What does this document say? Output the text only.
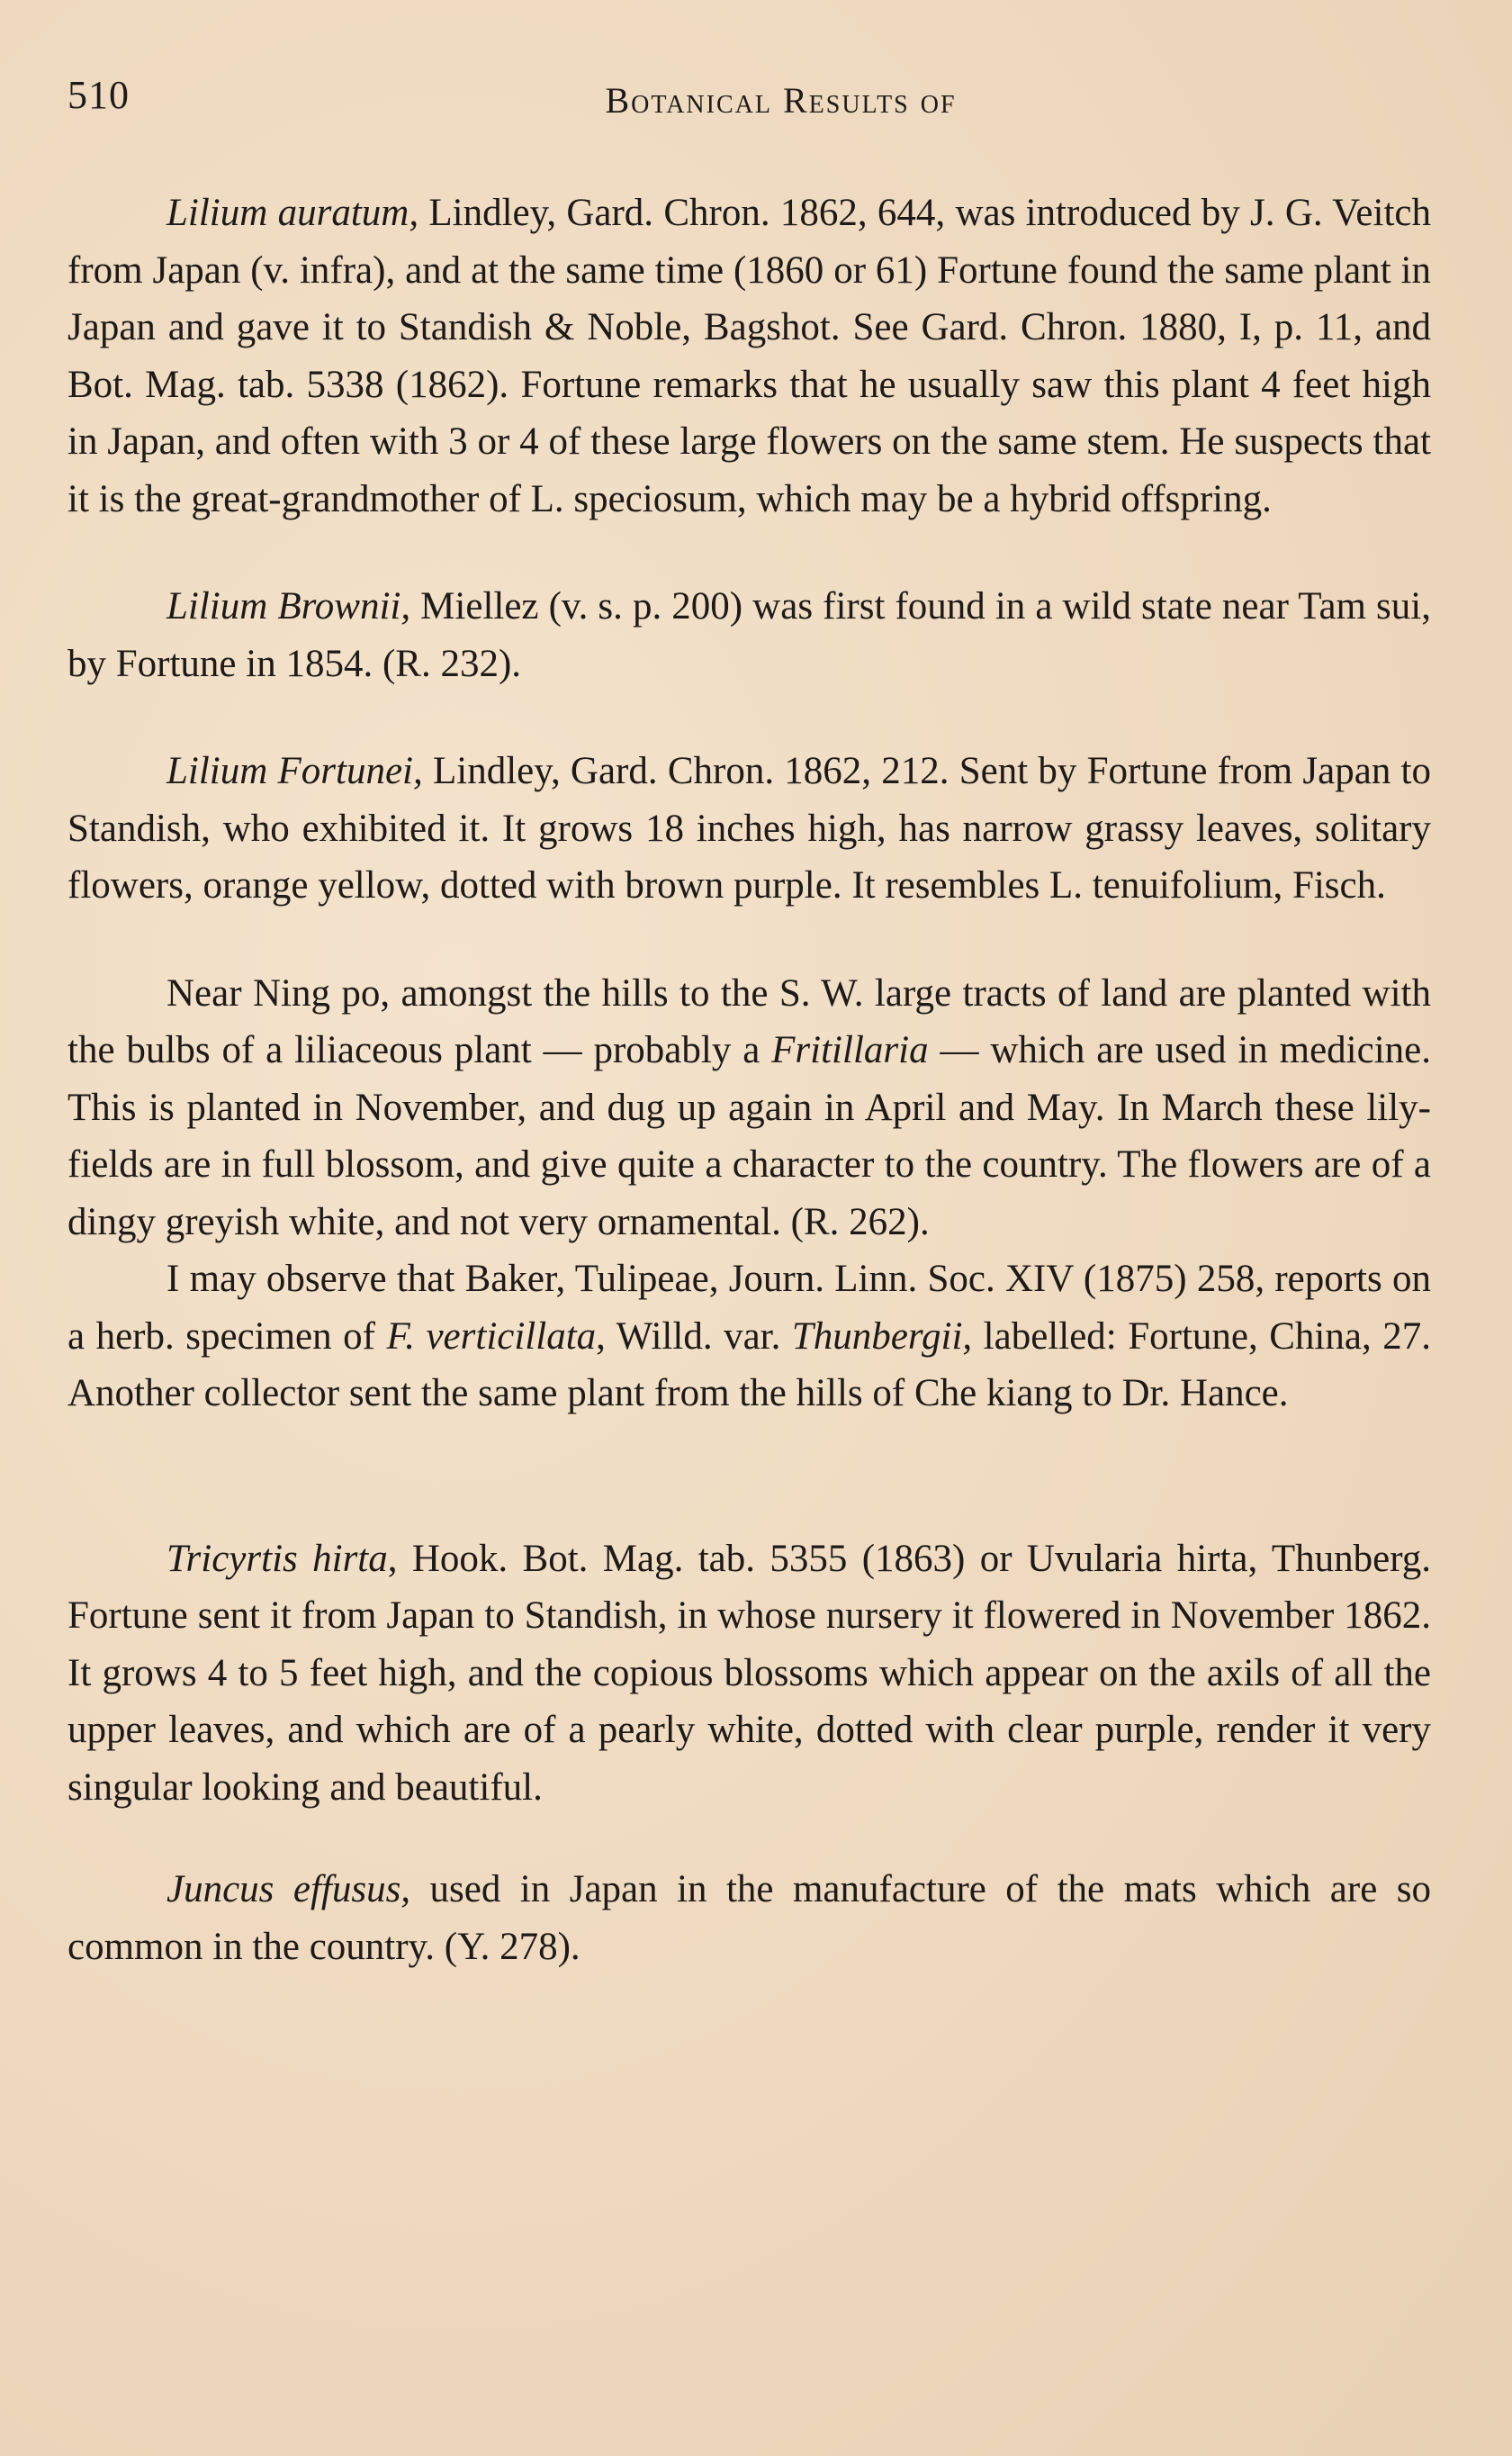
510	Botanical Results of

Lilium auratum, Lindley, Gard. Chron. 1862, 644, was introduced by J. G. Veitch from Japan (v. infra), and at the same time (1860 or 61) Fortune found the same plant in Japan and gave it to Standish & Noble, Bagshot. See Gard. Chron. 1880, I, p. 11, and Bot. Mag. tab. 5338 (1862). Fortune remarks that he usually saw this plant 4 feet high in Japan, and often with 3 or 4 of these large flowers on the same stem. He suspects that it is the great-grandmother of L. speciosum, which may be a hybrid offspring.

Lilium Brownii, Miellez (v. s. p. 200) was first found in a wild state near Tam sui, by Fortune in 1854. (R. 232).

Lilium Fortunei, Lindley, Gard. Chron. 1862, 212. Sent by Fortune from Japan to Standish, who exhibited it. It grows 18 inches high, has narrow grassy leaves, solitary flowers, orange yellow, dotted with brown purple. It resembles L. tenuifolium, Fisch.

Near Ning po, amongst the hills to the S. W. large tracts of land are planted with the bulbs of a liliaceous plant — probably a Fritillaria — which are used in medicine. This is planted in November, and dug up again in April and May. In March these lily-fields are in full blossom, and give quite a character to the country. The flowers are of a dingy greyish white, and not very ornamental. (R. 262).

I may observe that Baker, Tulipeae, Journ. Linn. Soc. XIV (1875) 258, reports on a herb. specimen of F. verticillata, Willd. var. Thunbergii, labelled: Fortune, China, 27. Another collector sent the same plant from the hills of Che kiang to Dr. Hance.

Tricyrtis hirta, Hook. Bot. Mag. tab. 5355 (1863) or Uvularia hirta, Thunberg. Fortune sent it from Japan to Standish, in whose nursery it flowered in November 1862. It grows 4 to 5 feet high, and the copious blossoms which appear on the axils of all the upper leaves, and which are of a pearly white, dotted with clear purple, render it very singular looking and beautiful.

Juncus effusus, used in Japan in the manufacture of the mats which are so common in the country. (Y. 278).
